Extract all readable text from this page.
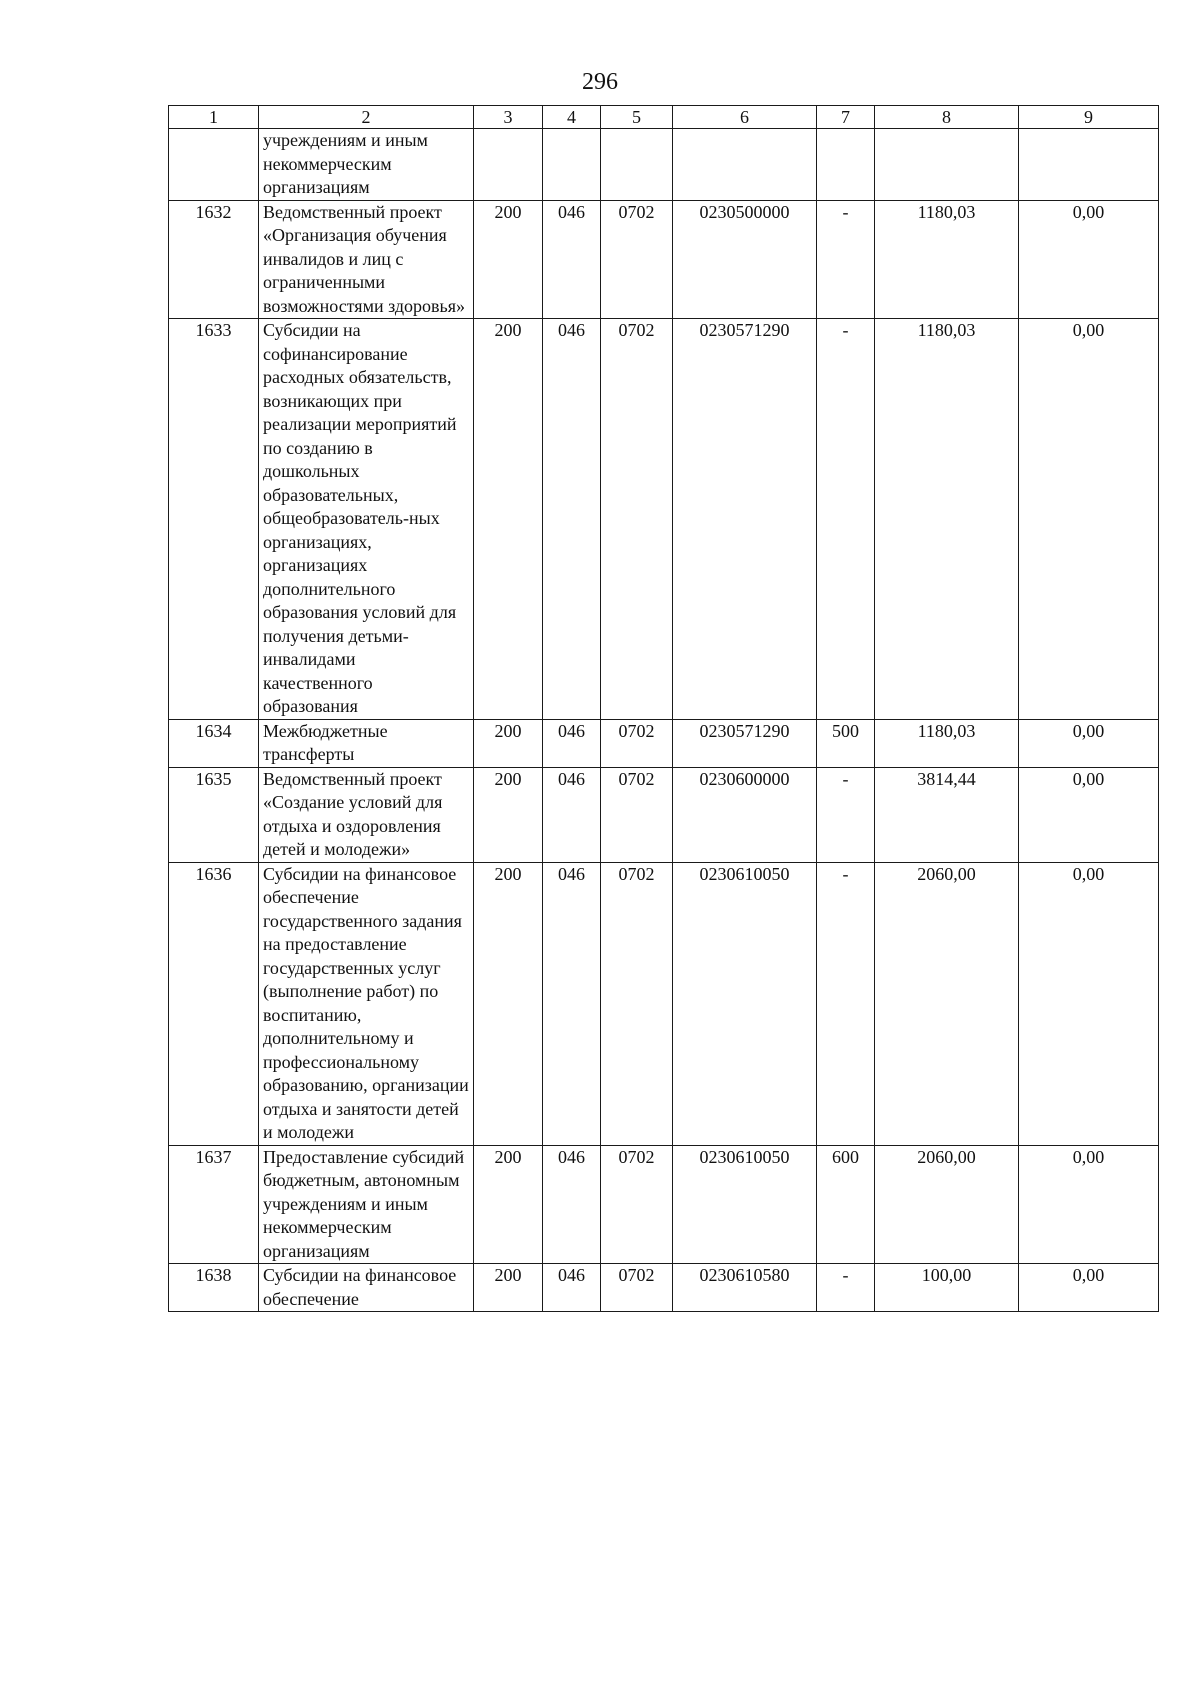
296
1	2	3	4	5	6	7	8	9
	учреждениям и иным некоммерческим организациям							
1632	Ведомственный проект «Организация обучения инвалидов и лиц с ограниченными возможностями здоровья»	200	046	0702	0230500000	-	1180,03	0,00
1633	Субсидии на софинансирование расходных обязательств, возникающих при реализации мероприятий по созданию в дошкольных образовательных, общеобразователь-ных организациях, организациях дополнительного образования условий для получения детьми-инвалидами качественного образования	200	046	0702	0230571290	-	1180,03	0,00
1634	Межбюджетные трансферты	200	046	0702	0230571290	500	1180,03	0,00
1635	Ведомственный проект «Создание условий для отдыха и оздоровления детей и молодежи»	200	046	0702	0230600000	-	3814,44	0,00
1636	Субсидии на финансовое обеспечение государственного задания на предоставление государственных услуг (выполнение работ) по воспитанию, дополнительному и профессиональному образованию, организации отдыха и занятости детей и молодежи	200	046	0702	0230610050	-	2060,00	0,00
1637	Предоставление субсидий бюджетным, автономным учреждениям и иным некоммерческим организациям	200	046	0702	0230610050	600	2060,00	0,00
1638	Субсидии на финансовое обеспечение	200	046	0702	0230610580	-	100,00	0,00
